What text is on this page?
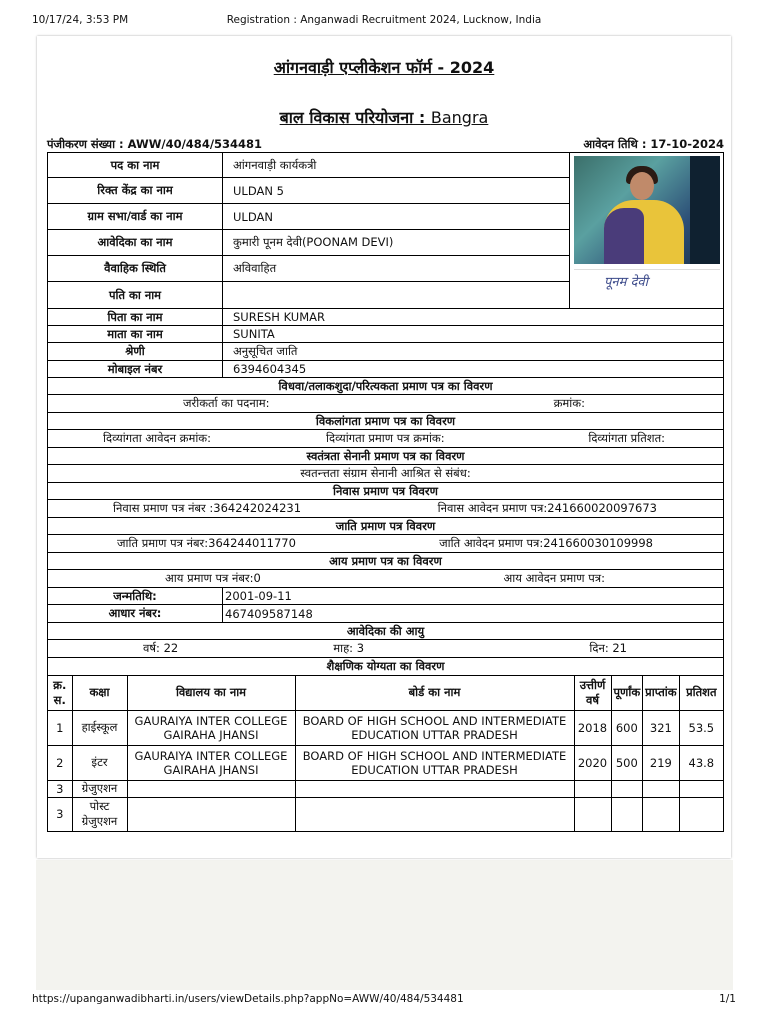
10/17/24, 3:53 PM	Registration : Anganwadi Recruitment 2024, Lucknow, India
आंगनवाड़ी एप्लीकेशन फॉर्म - 2024
बाल विकास परियोजना : Bangra
पंजीकरण संख्या : AWW/40/484/534481	आवेदन तिथि : 17-10-2024
पद का नाम	आंगनवाड़ी कार्यकत्री
रिक्त केंद्र का नाम	ULDAN 5
ग्राम सभा/वार्ड का नाम	ULDAN
आवेदिका का नाम	कुमारी पूनम देवी(POONAM DEVI)
वैवाहिक स्थिति	अविवाहित
पति का नाम
पूनम देवी
पिता का नाम	SURESH KUMAR
माता का नाम	SUNITA
श्रेणी	अनुसूचित जाति
मोबाइल नंबर	6394604345
विधवा/तलाकशुदा/परित्यकता प्रमाण पत्र का विवरण
जरीकर्ता का पदनाम:	क्रमांक:
विकलांगता प्रमाण पत्र का विवरण
दिव्यांगता आवेदन क्रमांक:	दिव्यांगता प्रमाण पत्र क्रमांक:	दिव्यांगता प्रतिशत:
स्वतंत्रता सेनानी प्रमाण पत्र का विवरण
स्वतन्त्तता संग्राम सेनानी आश्रित से संबंध:
निवास प्रमाण पत्र विवरण
निवास प्रमाण पत्र नंबर :364242024231	निवास आवेदन प्रमाण पत्र:241660020097673
जाति प्रमाण पत्र विवरण
जाति प्रमाण पत्र नंबर:364244011770	जाति आवेदन प्रमाण पत्र:241660030109998
आय प्रमाण पत्र का विवरण
आय प्रमाण पत्र नंबर:0	आय आवेदन प्रमाण पत्र:
जन्मतिथि:	2001-09-11
आधार नंबर:	467409587148
आवेदिका की आयु
वर्ष: 22	माह: 3	दिन: 21
शैक्षणिक योग्यता का विवरण
क्र. स.	कक्षा	विद्यालय का नाम	बोर्ड का नाम	उत्तीर्ण वर्ष	पूर्णांक	प्राप्तांक	प्रतिशत
1	हाईस्कूल	GAURAIYA INTER COLLEGE GAIRAHA JHANSI	BOARD OF HIGH SCHOOL AND INTERMEDIATE EDUCATION UTTAR PRADESH	2018	600	321	53.5
2	इंटर	GAURAIYA INTER COLLEGE GAIRAHA JHANSI	BOARD OF HIGH SCHOOL AND INTERMEDIATE EDUCATION UTTAR PRADESH	2020	500	219	43.8
3	ग्रेजुएशन						
3	पोस्ट ग्रेजुएशन						
https://upanganwadibharti.in/users/viewDetails.php?appNo=AWW/40/484/534481	1/1
